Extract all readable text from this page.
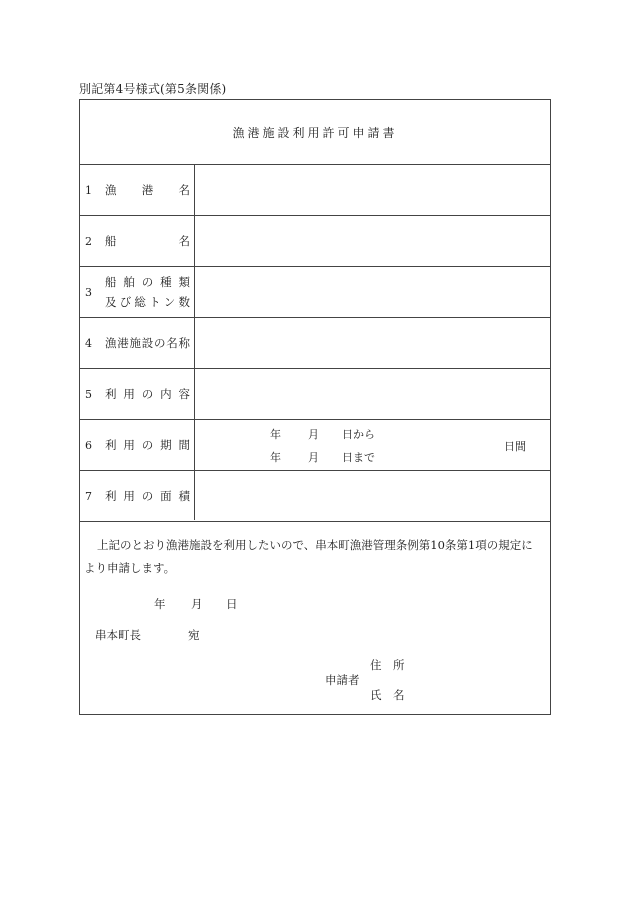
別記第4号様式(第5条関係)
漁港施設利用許可申請書
1 漁　港　名
2 船　　　名
3
船舶の種類
及び総トン数
4 漁港施設の名称
5 利用の内容
6 利用の期間
年 月 日から
年 月 日まで
日間
7 利用の面積
上記のとおり漁港施設を利用したいので、串本町漁港管理条例第10条第1項の規定により申請します。
年 月 日
串本町長	宛
住　所
申請者
氏　名
